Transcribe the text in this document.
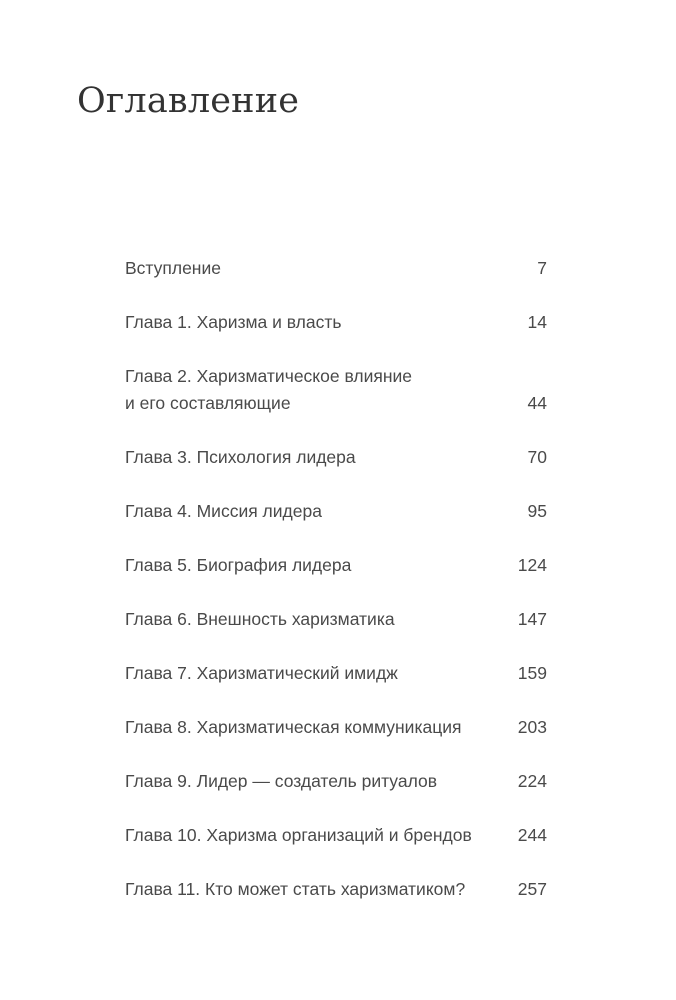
Оглавление
Вступление	7
Глава 1. Харизма и власть	14
Глава 2. Харизматическое влияние
и его составляющие	44
Глава 3. Психология лидера	70
Глава 4. Миссия лидера	95
Глава 5. Биография лидера	124
Глава 6. Внешность харизматика	147
Глава 7. Харизматический имидж	159
Глава 8. Харизматическая коммуникация	203
Глава 9. Лидер — создатель ритуалов	224
Глава 10. Харизма организаций и брендов	244
Глава 11. Кто может стать харизматиком?	257
